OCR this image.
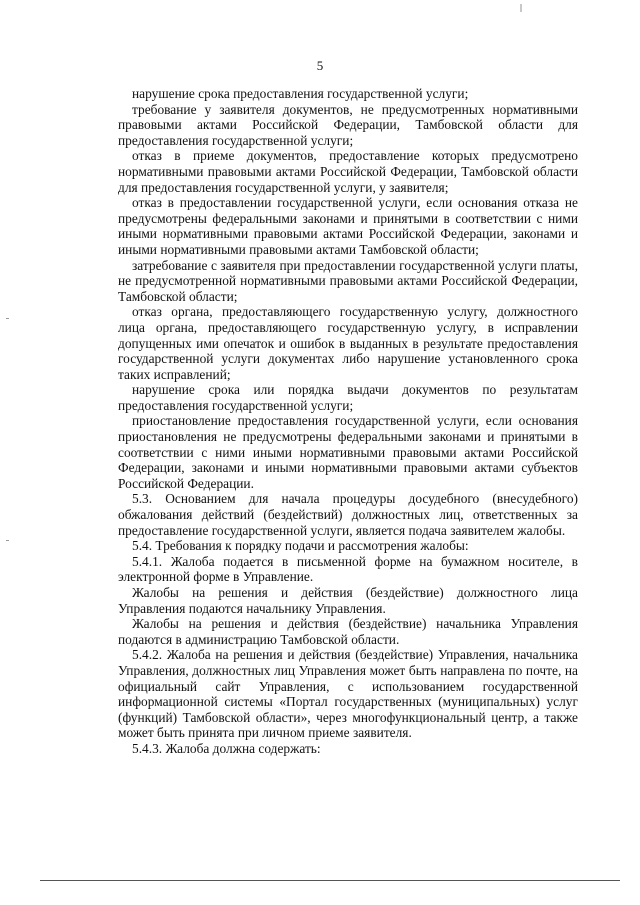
5

нарушение срока предоставления государственной услуги;

требование у заявителя документов, не предусмотренных нормативными правовыми актами Российской Федерации, Тамбовской области для предоставления государственной услуги;

отказ в приеме документов, предоставление которых предусмотрено нормативными правовыми актами Российской Федерации, Тамбовской области для предоставления государственной услуги, у заявителя;

отказ в предоставлении государственной услуги, если основания отказа не предусмотрены федеральными законами и принятыми в соответствии с ними иными нормативными правовыми актами Российской Федерации, законами и иными нормативными правовыми актами Тамбовской области;

затребование с заявителя при предоставлении государственной услуги платы, не предусмотренной нормативными правовыми актами Российской Федерации, Тамбовской области;

отказ органа, предоставляющего государственную услугу, должностного лица органа, предоставляющего государственную услугу, в исправлении допущенных ими опечаток и ошибок в выданных в результате предоставления государственной услуги документах либо нарушение установленного срока таких исправлений;

нарушение срока или порядка выдачи документов по результатам предоставления государственной услуги;

приостановление предоставления государственной услуги, если основания приостановления не предусмотрены федеральными законами и принятыми в соответствии с ними иными нормативными правовыми актами Российской Федерации, законами и иными нормативными правовыми актами субъектов Российской Федерации.

5.3. Основанием для начала процедуры досудебного (внесудебного) обжалования действий (бездействий) должностных лиц, ответственных за предоставление государственной услуги, является подача заявителем жалобы.

5.4. Требования к порядку подачи и рассмотрения жалобы:

5.4.1. Жалоба подается в письменной форме на бумажном носителе, в электронной форме в Управление.

Жалобы на решения и действия (бездействие) должностного лица Управления подаются начальнику Управления.

Жалобы на решения и действия (бездействие) начальника Управления подаются в администрацию Тамбовской области.

5.4.2. Жалоба на решения и действия (бездействие) Управления, начальника Управления, должностных лиц Управления может быть направлена по почте, на официальный сайт Управления, с использованием государственной информационной системы «Портал государственных (муниципальных) услуг (функций) Тамбовской области», через многофункциональный центр, а также может быть принята при личном приеме заявителя.

5.4.3. Жалоба должна содержать:
